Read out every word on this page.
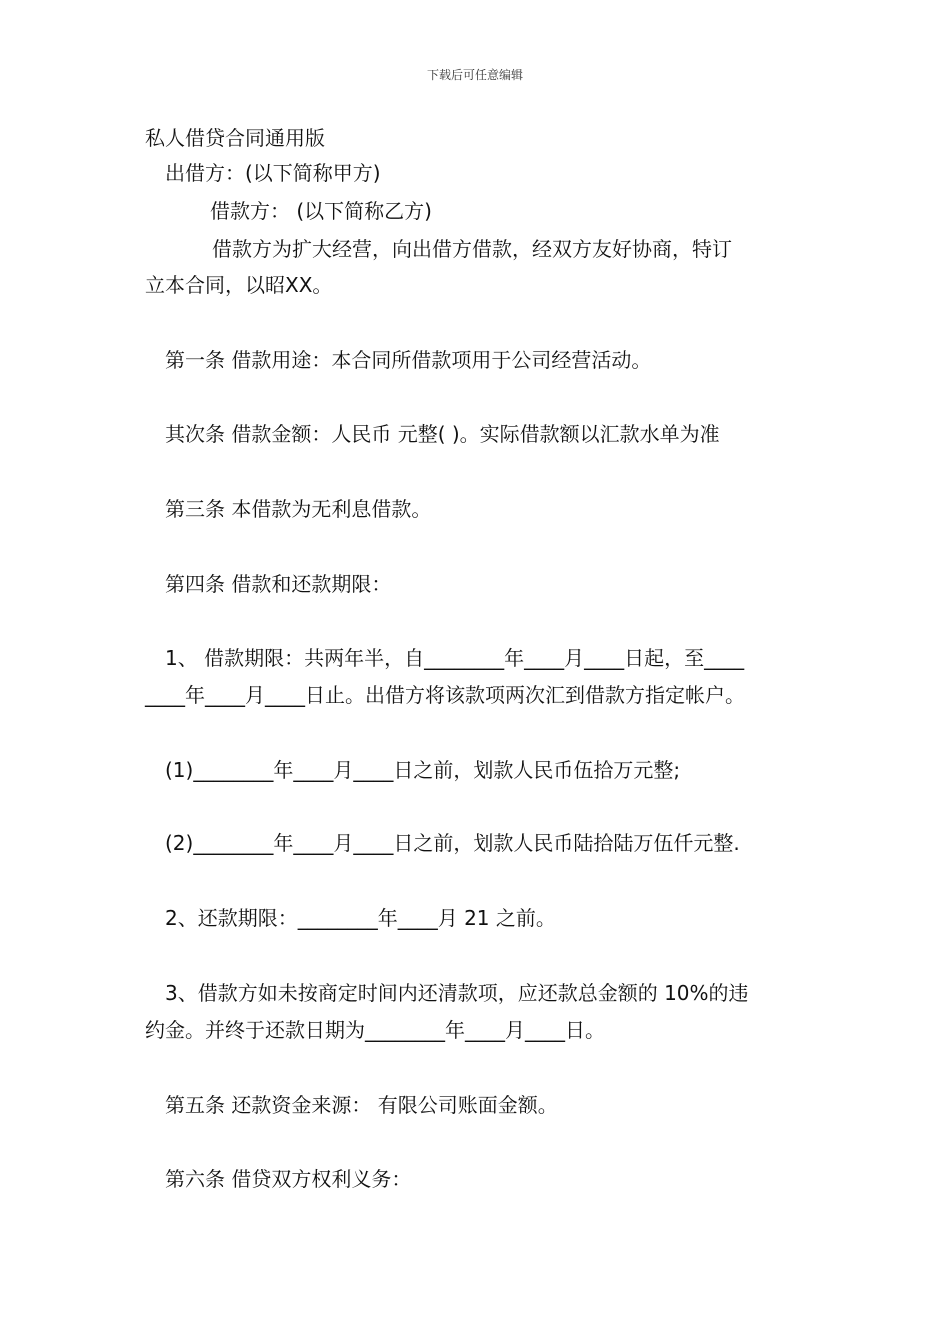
下载后可任意编辑
私人借贷合同通用版
出借方：(以下简称甲方)
借款方： (以下简称乙方)
借款方为扩大经营，向出借方借款，经双方友好协商，特订
立本合同，以昭XX。
第一条 借款用途：本合同所借款项用于公司经营活动。
其次条 借款金额：人民币 元整( )。实际借款额以汇款水单为准
第三条 本借款为无利息借款。
第四条 借款和还款期限：
1、 借款期限：共两年半，自________年____月____日起，至____
____年____月____日止。出借方将该款项两次汇到借款方指定帐户。
(1)________年____月____日之前，划款人民币伍拾万元整;
(2)________年____月____日之前，划款人民币陆拾陆万伍仟元整.
2、还款期限：________年____月 21 之前。
3、借款方如未按商定时间内还清款项，应还款总金额的 10%的违
约金。并终于还款日期为________年____月____日。
第五条 还款资金来源： 有限公司账面金额。
第六条 借贷双方权利义务：
